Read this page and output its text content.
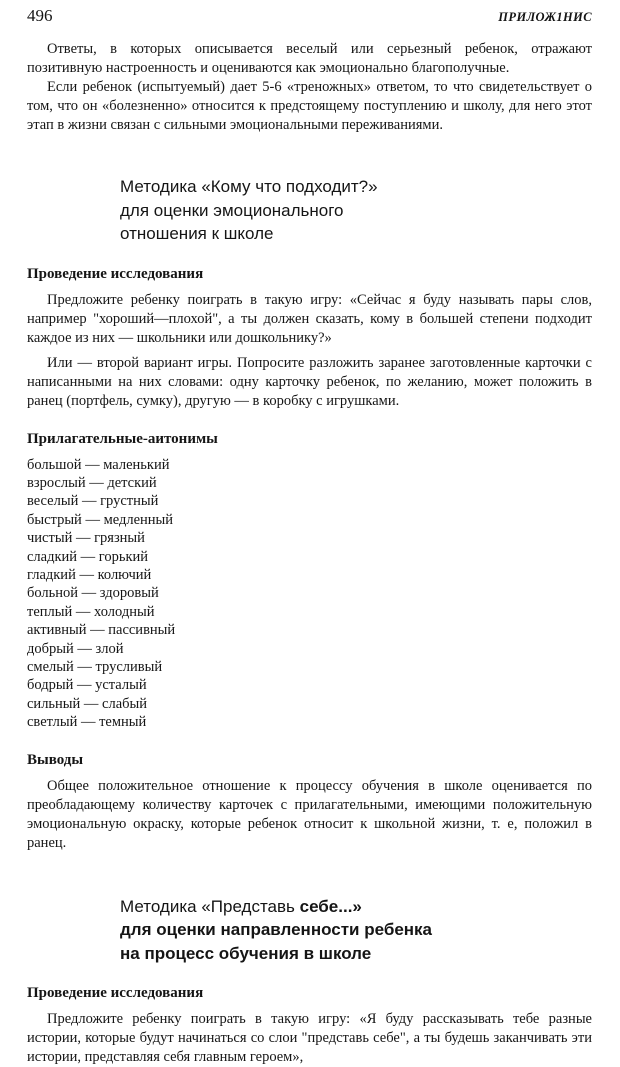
496	ПРИЛОЖ1НИС

Ответы, в которых описывается веселый или серьезный ребенок, отражают позитивную настроенность и оцениваются как эмоционально благополучные.

Если ребенок (испытуемый) дает 5-6 «треножных» ответом, то что свидетельствует о том, что он «болезненно» относится к предстоящему поступлению и школу, для него этот этап в жизни связан с сильными эмоциональными переживаниями.

Методика «Кому что подходит?»
для оценки эмоционального
отношения к школе
Проведение исследования

Предложите ребенку поиграть в такую игру: «Сейчас я буду называть пары слов, например "хороший—плохой", а ты должен сказать, кому в большей степени подходит каждое из них — школьники или дошкольнику?»

Или — второй вариант игры. Попросите разложить заранее заготовленные карточки с написанными на них словами: одну карточку ребенок, по желанию, может положить в ранец (портфель, сумку), другую — в коробку с игрушками.

Прилагательные-аитонимы
большой — маленький
взрослый — детский
веселый — грустный
быстрый — медленный
чистый — грязный
сладкий — горький
гладкий — колючий
больной — здоровый
теплый — холодный
активный — пассивный
добрый — злой
смелый — трусливый
бодрый — усталый
сильный — слабый
светлый — темный
Выводы

Общее положительное отношение к процессу обучения в школе оценивается по преобладающему количеству карточек с прилагательными, имеющими положительную эмоциональную окраску, которые ребенок относит к школьной жизни, т. е, положил в ранец.

Методика «Представь себе...»
для оценки направленности ребенка
на процесс обучения в школе
Проведение исследования

Предложите ребенку поиграть в такую игру: «Я буду рассказывать тебе разные истории, которые будут начинаться со слои "представь себе", а ты будешь заканчивать эти истории, представляя себя главным героем»,
